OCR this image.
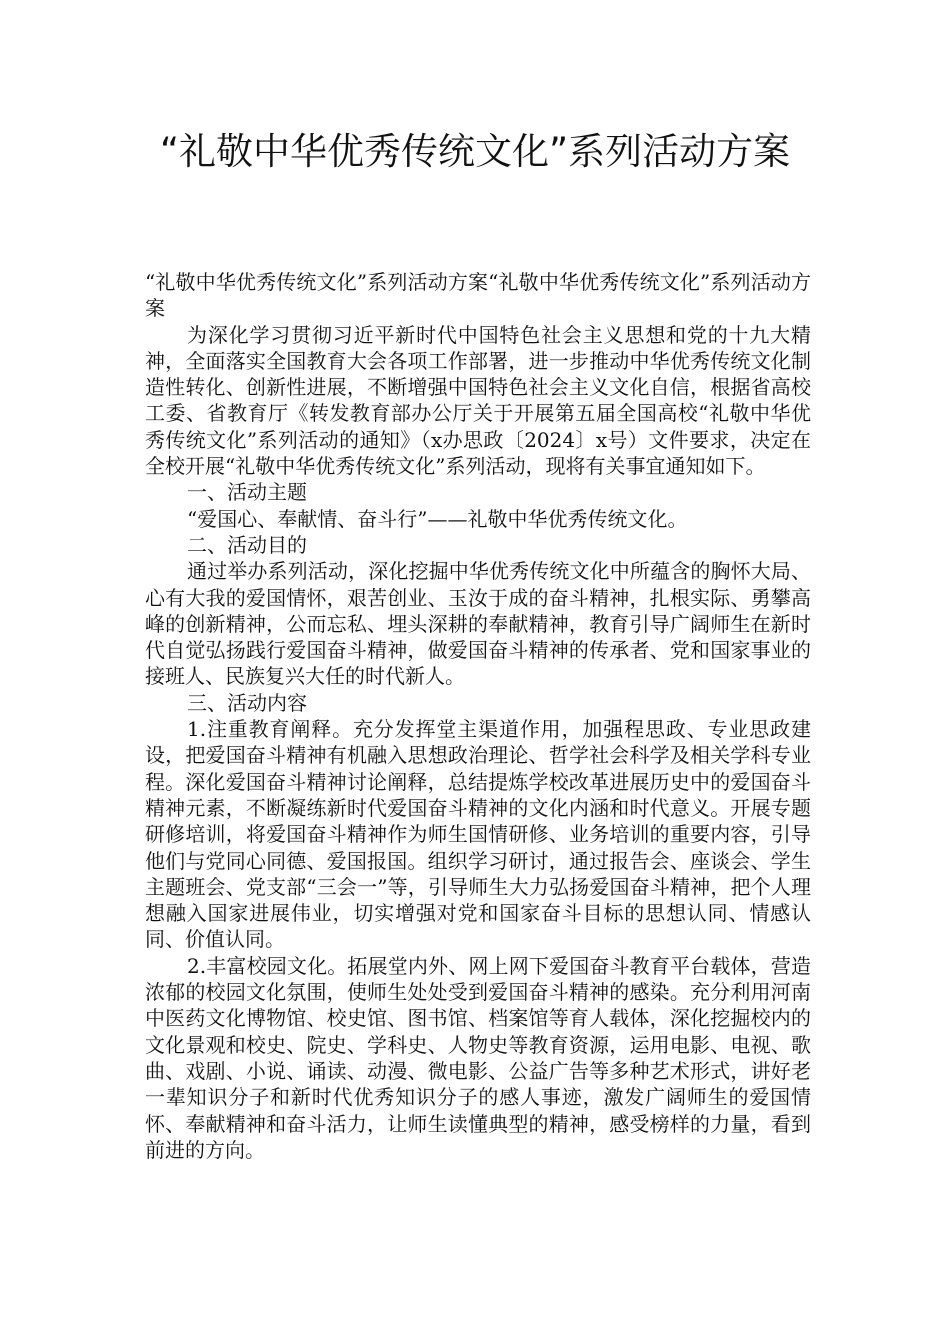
“礼敬中华优秀传统文化”系列活动方案

“礼敬中华优秀传统文化”系列活动方案“礼敬中华优秀传统文化”系列活动方案

为深化学习贯彻习近平新时代中国特色社会主义思想和党的十九大精神，全面落实全国教育大会各项工作部署，进一步推动中华优秀传统文化制造性转化、创新性进展，不断增强中国特色社会主义文化自信，根据省高校工委、省教育厅《转发教育部办公厅关于开展第五届全国高校“礼敬中华优秀传统文化”系列活动的通知》（x办思政〔2024〕x号）文件要求，决定在全校开展“礼敬中华优秀传统文化”系列活动，现将有关事宜通知如下。

一、活动主题

“爱国心、奉献情、奋斗行”——礼敬中华优秀传统文化。

二、活动目的

通过举办系列活动，深化挖掘中华优秀传统文化中所蕴含的胸怀大局、心有大我的爱国情怀，艰苦创业、玉汝于成的奋斗精神，扎根实际、勇攀高峰的创新精神，公而忘私、埋头深耕的奉献精神，教育引导广阔师生在新时代自觉弘扬践行爱国奋斗精神，做爱国奋斗精神的传承者、党和国家事业的接班人、民族复兴大任的时代新人。

三、活动内容

1.注重教育阐释。充分发挥堂主渠道作用，加强程思政、专业思政建设，把爱国奋斗精神有机融入思想政治理论、哲学社会科学及相关学科专业程。深化爱国奋斗精神讨论阐释，总结提炼学校改革进展历史中的爱国奋斗精神元素，不断凝练新时代爱国奋斗精神的文化内涵和时代意义。开展专题研修培训，将爱国奋斗精神作为师生国情研修、业务培训的重要内容，引导他们与党同心同德、爱国报国。组织学习研讨，通过报告会、座谈会、学生主题班会、党支部“三会一”等，引导师生大力弘扬爱国奋斗精神，把个人理想融入国家进展伟业，切实增强对党和国家奋斗目标的思想认同、情感认同、价值认同。

2.丰富校园文化。拓展堂内外、网上网下爱国奋斗教育平台载体，营造浓郁的校园文化氛围，使师生处处受到爱国奋斗精神的感染。充分利用河南中医药文化博物馆、校史馆、图书馆、档案馆等育人载体，深化挖掘校内的文化景观和校史、院史、学科史、人物史等教育资源，运用电影、电视、歌曲、戏剧、小说、诵读、动漫、微电影、公益广告等多种艺术形式，讲好老一辈知识分子和新时代优秀知识分子的感人事迹，激发广阔师生的爱国情怀、奉献精神和奋斗活力，让师生读懂典型的精神，感受榜样的力量，看到前进的方向。
